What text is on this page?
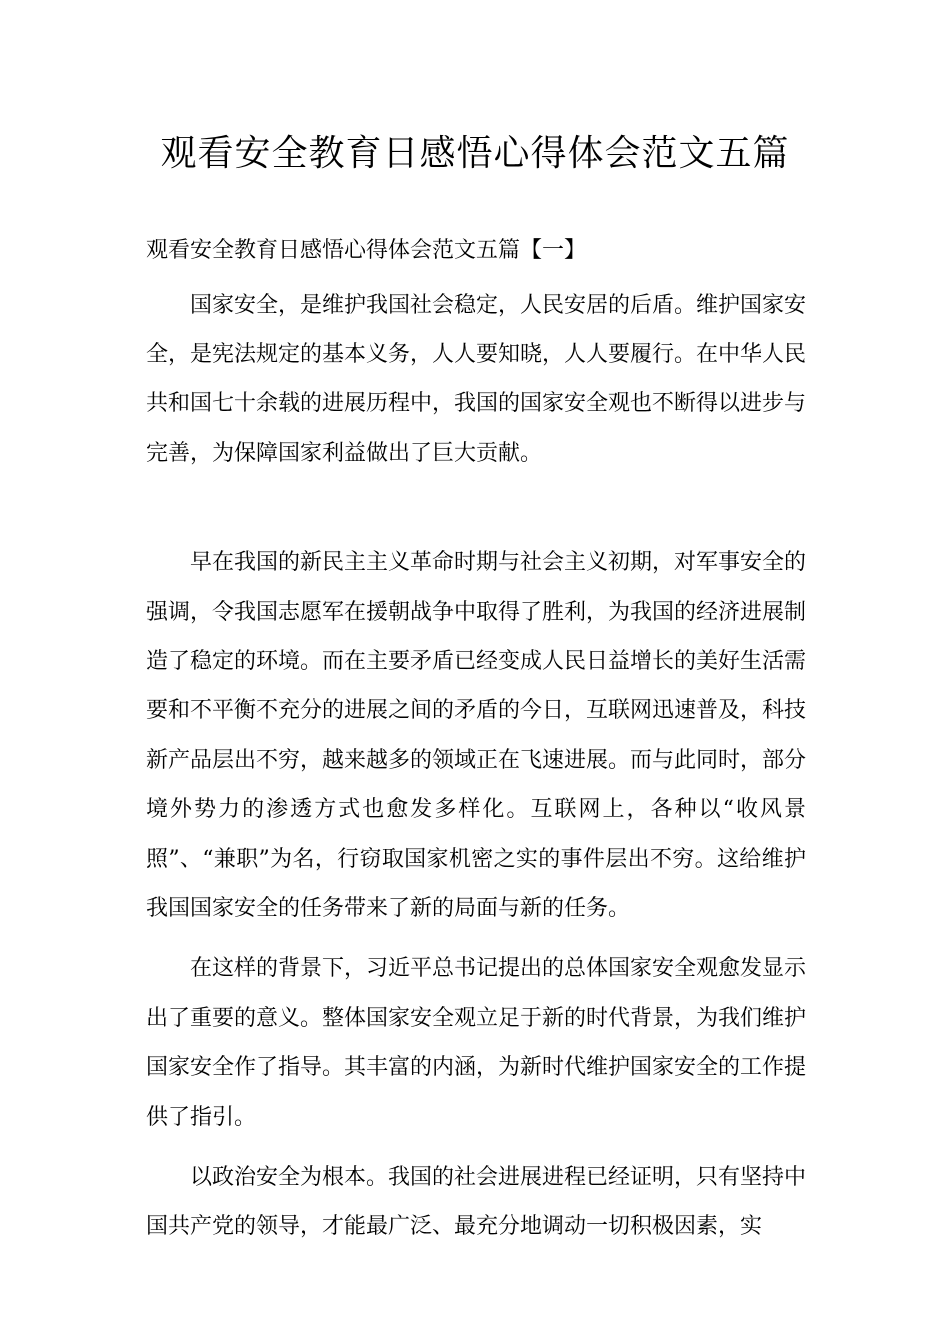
观看安全教育日感悟心得体会范文五篇

观看安全教育日感悟心得体会范文五篇【一】

国家安全，是维护我国社会稳定，人民安居的后盾。维护国家安全，是宪法规定的基本义务，人人要知晓，人人要履行。在中华人民共和国七十余载的进展历程中，我国的国家安全观也不断得以进步与完善，为保障国家利益做出了巨大贡献。

早在我国的新民主主义革命时期与社会主义初期，对军事安全的强调，令我国志愿军在援朝战争中取得了胜利，为我国的经济进展制造了稳定的环境。而在主要矛盾已经变成人民日益增长的美好生活需要和不平衡不充分的进展之间的矛盾的今日，互联网迅速普及，科技新产品层出不穷，越来越多的领域正在飞速进展。而与此同时，部分境外势力的渗透方式也愈发多样化。互联网上，各种以“收风景照”、“兼职”为名，行窃取国家机密之实的事件层出不穷。这给维护我国国家安全的任务带来了新的局面与新的任务。

在这样的背景下，习近平总书记提出的总体国家安全观愈发显示出了重要的意义。整体国家安全观立足于新的时代背景，为我们维护国家安全作了指导。其丰富的内涵，为新时代维护国家安全的工作提供了指引。

以政治安全为根本。我国的社会进展进程已经证明，只有坚持中国共产党的领导，才能最广泛、最充分地调动一切积极因素，实
